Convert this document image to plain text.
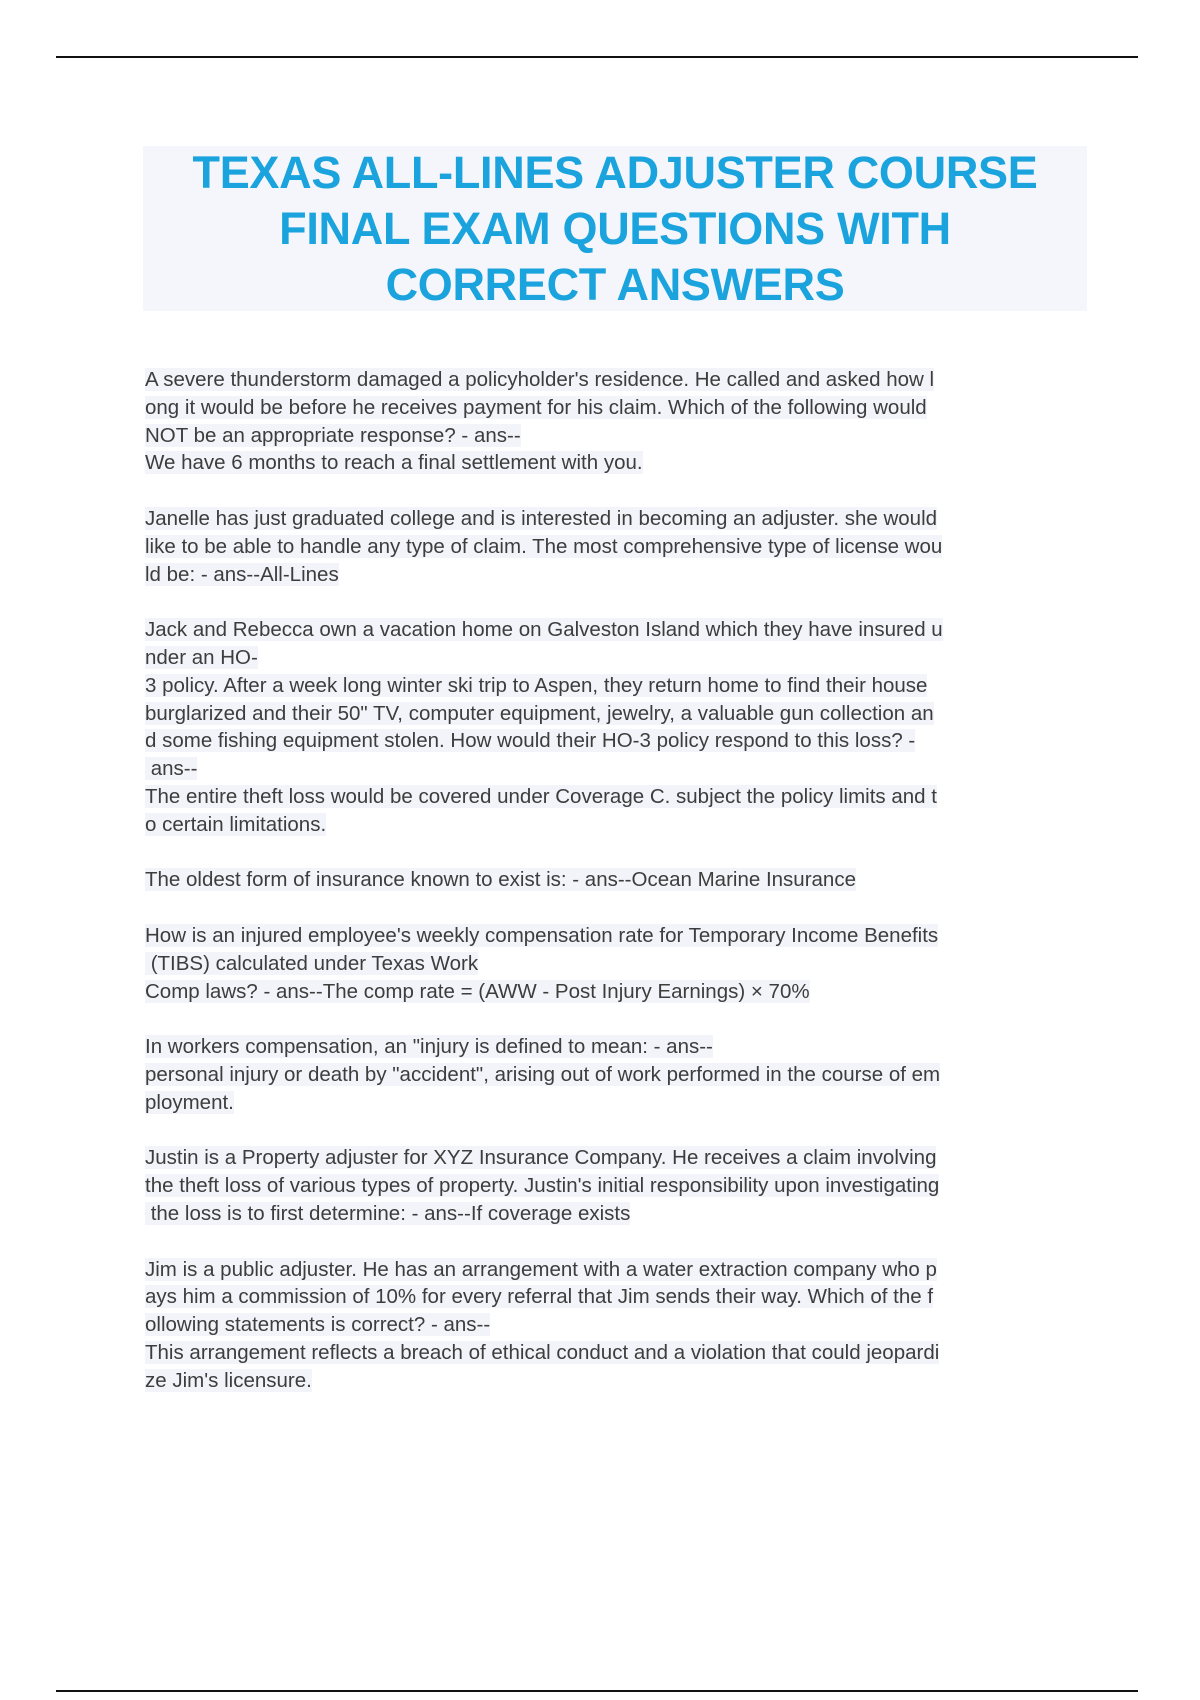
TEXAS ALL-LINES ADJUSTER COURSE
FINAL EXAM QUESTIONS WITH
CORRECT ANSWERS
A severe thunderstorm damaged a policyholder's residence. He called and asked how l
ong it would be before he receives payment for his claim. Which of the following would
NOT be an appropriate response? - ans--
We have 6 months to reach a final settlement with you.
Janelle has just graduated college and is interested in becoming an adjuster. she would
like to be able to handle any type of claim. The most comprehensive type of license wou
ld be: - ans--All-Lines
Jack and Rebecca own a vacation home on Galveston Island which they have insured u
nder an HO-
3 policy. After a week long winter ski trip to Aspen, they return home to find their house
burglarized and their 50" TV, computer equipment, jewelry, a valuable gun collection an
d some fishing equipment stolen. How would their HO-3 policy respond to this loss? -
ans--
The entire theft loss would be covered under Coverage C. subject the policy limits and t
o certain limitations.
The oldest form of insurance known to exist is: - ans--Ocean Marine Insurance
How is an injured employee's weekly compensation rate for Temporary Income Benefits
(TIBS) calculated under Texas Work
Comp laws? - ans--The comp rate = (AWW - Post Injury Earnings) × 70%
In workers compensation, an "injury is defined to mean: - ans--
personal injury or death by "accident", arising out of work performed in the course of em
ployment.
Justin is a Property adjuster for XYZ Insurance Company. He receives a claim involving
the theft loss of various types of property. Justin's initial responsibility upon investigating
the loss is to first determine: - ans--If coverage exists
Jim is a public adjuster. He has an arrangement with a water extraction company who p
ays him a commission of 10% for every referral that Jim sends their way. Which of the f
ollowing statements is correct? - ans--
This arrangement reflects a breach of ethical conduct and a violation that could jeopardi
ze Jim's licensure.
